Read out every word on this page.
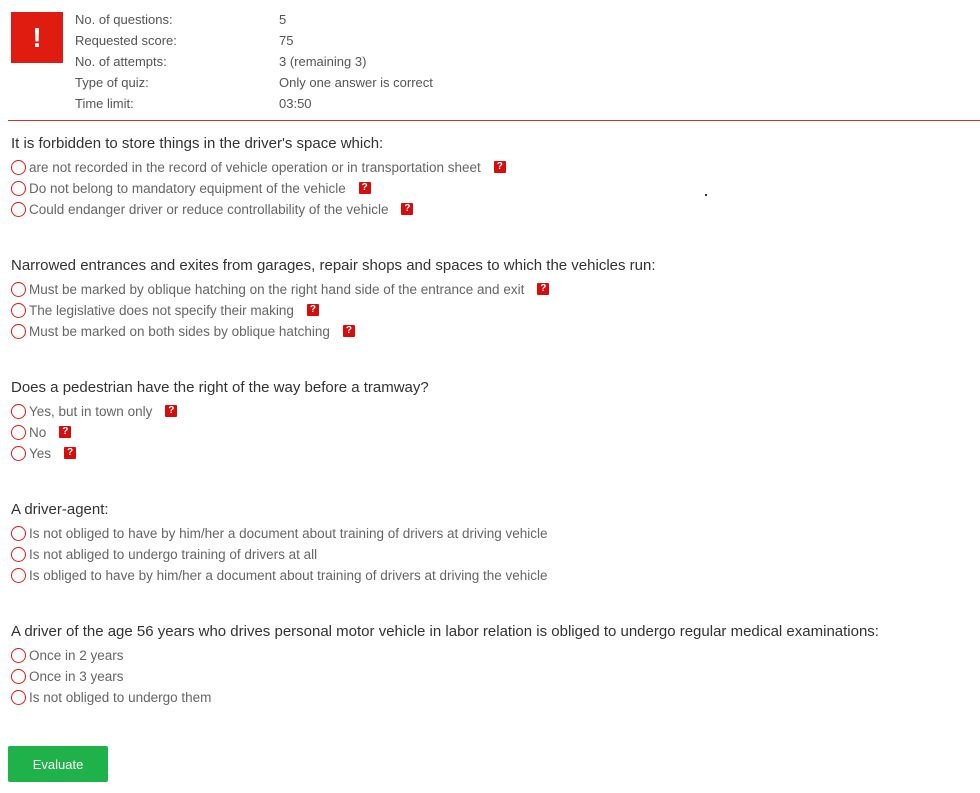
!
No. of questions:	5
Requested score:	75
No. of attempts:	3 (remaining 3)
Type of quiz:	Only one answer is correct
Time limit:	03:50
It is forbidden to store things in the driver's space which:
are not recorded in the record of vehicle operation or in transportation sheet ?
Do not belong to mandatory equipment of the vehicle ?
Could endanger driver or reduce controllability of the vehicle ?
Narrowed entrances and exites from garages, repair shops and spaces to which the vehicles run:
Must be marked by oblique hatching on the right hand side of the entrance and exit ?
The legislative does not specify their making ?
Must be marked on both sides by oblique hatching ?
Does a pedestrian have the right of the way before a tramway?
Yes, but in town only ?
No ?
Yes ?
A driver-agent:
Is not obliged to have by him/her a document about training of drivers at driving vehicle
Is not abliged to undergo training of drivers at all
Is obliged to have by him/her a document about training of drivers at driving the vehicle
A driver of the age 56 years who drives personal motor vehicle in labor relation is obliged to undergo regular medical examinations:
Once in 2 years
Once in 3 years
Is not obliged to undergo them
Evaluate
